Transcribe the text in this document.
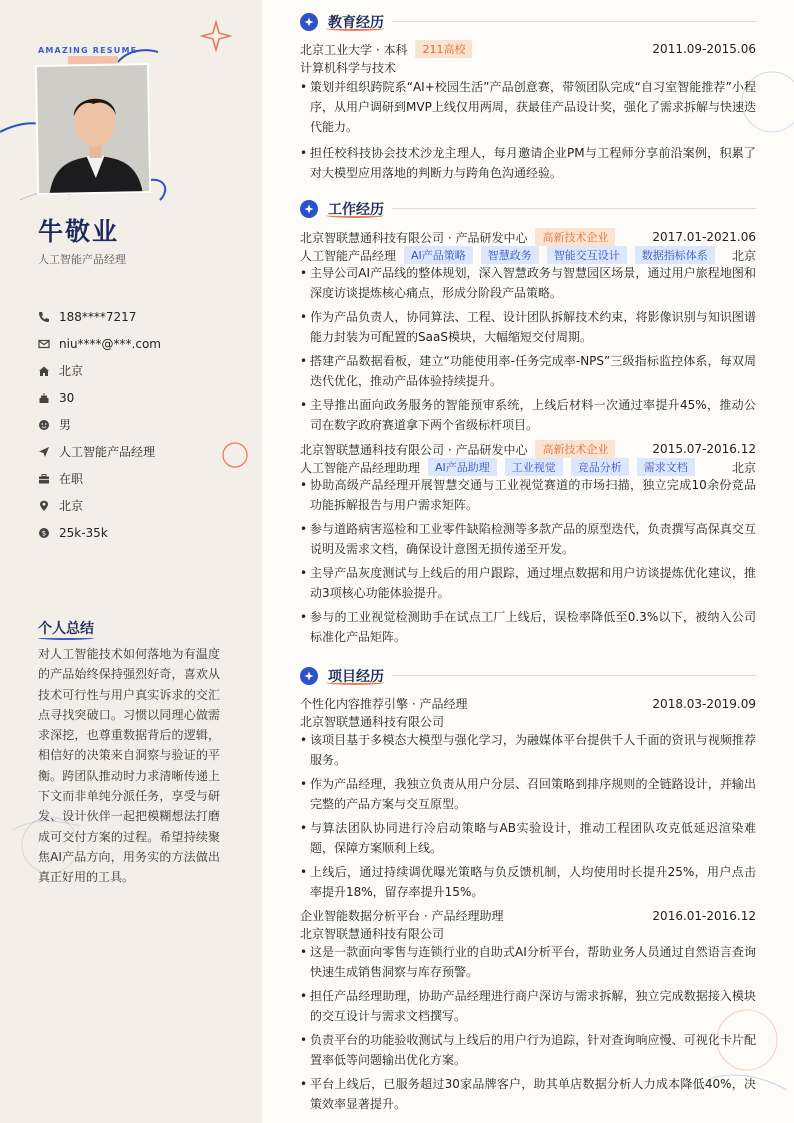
AMAZING RESUME
牛敬业
人工智能产品经理
188****7217
niu****@***.com
北京
30
男
人工智能产品经理
在职
北京
$ 25k-35k
个人总结
对人工智能技术如何落地为有温度的产品始终保持强烈好奇，喜欢从技术可行性与用户真实诉求的交汇点寻找突破口。习惯以同理心做需求深挖，也尊重数据背后的逻辑，相信好的决策来自洞察与验证的平衡。跨团队推动时力求清晰传递上下文而非单纯分派任务，享受与研发、设计伙伴一起把模糊想法打磨成可交付方案的过程。希望持续聚焦AI产品方向，用务实的方法做出真正好用的工具。
教育经历
北京工业大学 · 本科	211高校	2011.09-2015.06
计算机科学与技术
• 策划并组织跨院系“AI+校园生活”产品创意赛，带领团队完成“自习室智能推荐”小程序，从用户调研到MVP上线仅用两周，获最佳产品设计奖，强化了需求拆解与快速迭代能力。
• 担任校科技协会技术沙龙主理人，每月邀请企业PM与工程师分享前沿案例，积累了对大模型应用落地的判断力与跨角色沟通经验。
工作经历
北京智联慧通科技有限公司 · 产品研发中心	高新技术企业	2017.01-2021.06
人工智能产品经理	AI产品策略	智慧政务	智能交互设计	数据指标体系	北京
• 主导公司AI产品线的整体规划，深入智慧政务与智慧园区场景，通过用户旅程地图和深度访谈提炼核心痛点，形成分阶段产品策略。
• 作为产品负责人，协同算法、工程、设计团队拆解技术约束，将影像识别与知识图谱能力封装为可配置的SaaS模块，大幅缩短交付周期。
• 搭建产品数据看板，建立“功能使用率-任务完成率-NPS”三级指标监控体系，每双周迭代优化，推动产品体验持续提升。
• 主导推出面向政务服务的智能预审系统，上线后材料一次通过率提升45%，推动公司在数字政府赛道拿下两个省级标杆项目。
北京智联慧通科技有限公司 · 产品研发中心	高新技术企业	2015.07-2016.12
人工智能产品经理助理	AI产品助理	工业视觉	竞品分析	需求文档	北京
• 协助高级产品经理开展智慧交通与工业视觉赛道的市场扫描，独立完成10余份竞品功能拆解报告与用户需求矩阵。
• 参与道路病害巡检和工业零件缺陷检测等多款产品的原型迭代，负责撰写高保真交互说明及需求文档，确保设计意图无损传递至开发。
• 主导产品灰度测试与上线后的用户跟踪，通过埋点数据和用户访谈提炼优化建议，推动3项核心功能体验提升。
• 参与的工业视觉检测助手在试点工厂上线后，误检率降低至0.3%以下，被纳入公司标准化产品矩阵。
项目经历
个性化内容推荐引擎 · 产品经理	2018.03-2019.09
北京智联慧通科技有限公司
• 该项目基于多模态大模型与强化学习，为融媒体平台提供千人千面的资讯与视频推荐服务。
• 作为产品经理，我独立负责从用户分层、召回策略到排序规则的全链路设计，并输出完整的产品方案与交互原型。
• 与算法团队协同进行冷启动策略与AB实验设计，推动工程团队攻克低延迟渲染难题，保障方案顺利上线。
• 上线后，通过持续调优曝光策略与负反馈机制，人均使用时长提升25%，用户点击率提升18%，留存率提升15%。
企业智能数据分析平台 · 产品经理助理	2016.01-2016.12
北京智联慧通科技有限公司
• 这是一款面向零售与连锁行业的自助式AI分析平台，帮助业务人员通过自然语言查询快速生成销售洞察与库存预警。
• 担任产品经理助理，协助产品经理进行商户深访与需求拆解，独立完成数据接入模块的交互设计与需求文档撰写。
• 负责平台的功能验收测试与上线后的用户行为追踪，针对查询响应慢、可视化卡片配置率低等问题输出优化方案。
• 平台上线后，已服务超过30家品牌客户，助其单店数据分析人力成本降低40%，决策效率显著提升。
